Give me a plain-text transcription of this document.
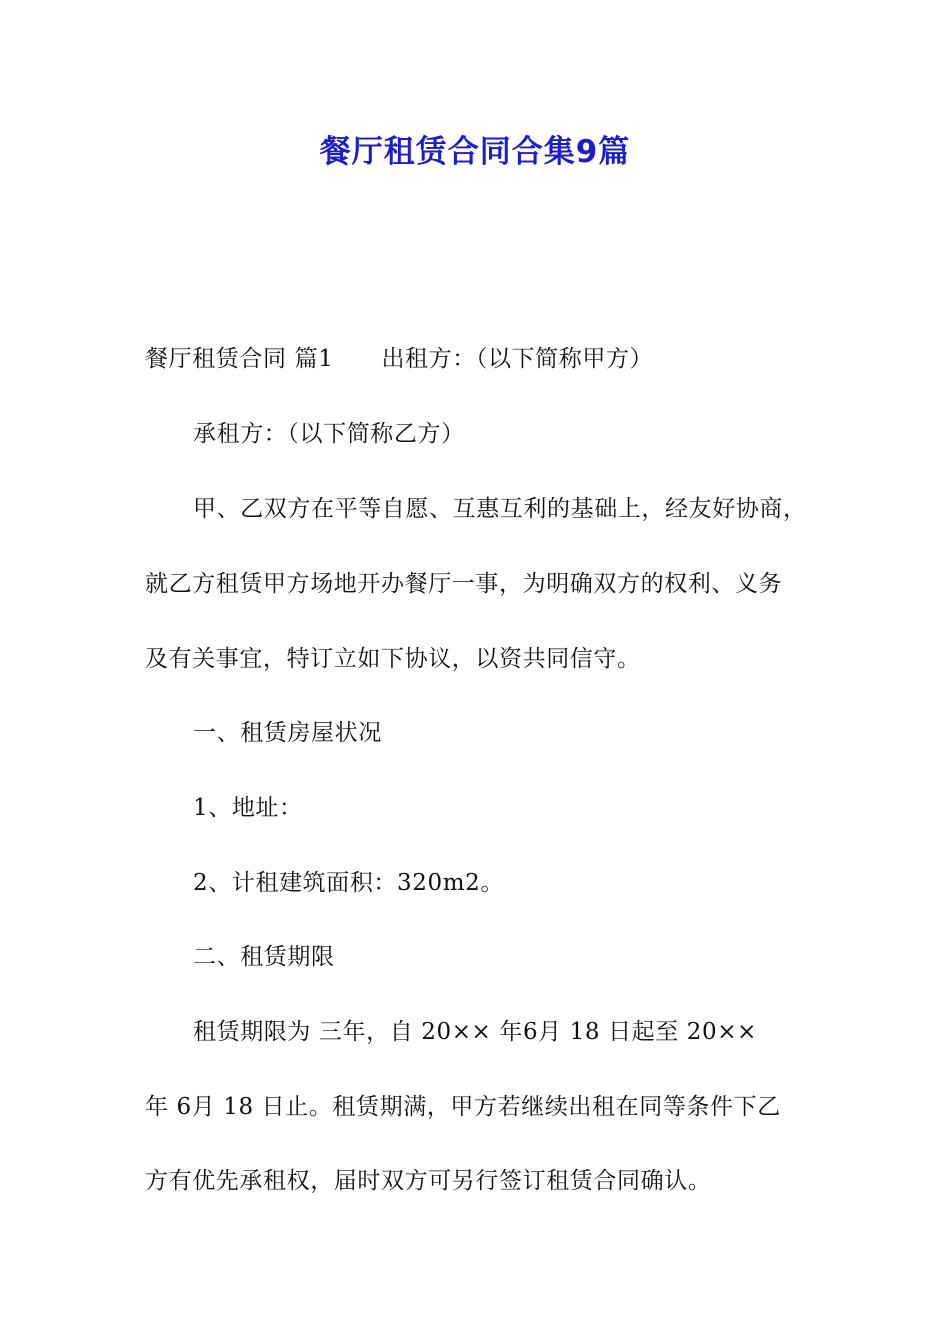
餐厅租赁合同合集9篇
餐厅租赁合同 篇1 出租方：（以下简称甲方）
承租方：（以下简称乙方）
甲、乙双方在平等自愿、互惠互利的基础上，经友好协商，
就乙方租赁甲方场地开办餐厅一事，为明确双方的权利、义务
及有关事宜，特订立如下协议，以资共同信守。
一、租赁房屋状况
1、地址：
2、计租建筑面积：320m2。
二、租赁期限
租赁期限为 三年，自 20×× 年6月 18 日起至 20××
年 6月 18 日止。租赁期满，甲方若继续出租在同等条件下乙
方有优先承租权，届时双方可另行签订租赁合同确认。
